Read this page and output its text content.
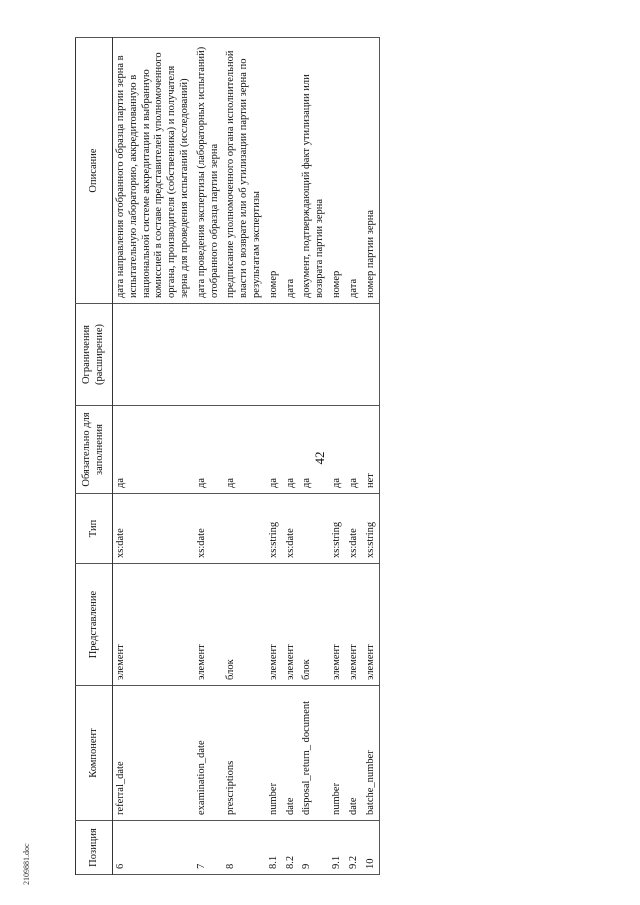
42
2109881.doc	Позиция	Компонент	Представление	Тип	Обязательно для заполнения	Ограничения (расширение)	Описание
6	referral_date	элемент	xs:date	да		дата направления отобранного образца партии зерна в испытательную лабораторию, аккредитованную в национальной системе аккредитации и выбранную комиссией в составе представителей уполномоченного органа, производителя (собственника) и получателя зерна для проведения испытаний (исследований)
7	examination_date	элемент	xs:date	да		дата проведения экспертизы (лабораторных испытаний) отобранного образца партии зерна
8	prescriptions	блок		да		предписание уполномоченного органа исполнительной власти о возврате или об утилизации партии зерна по результатам экспертизы
8.1	number	элемент	xs:string	да		номер
8.2	date	элемент	xs:date	да		дата
9	disposal_return_ document	блок		да		документ, подтверждающий факт утилизации или возврата партии зерна
9.1	number	элемент	xs:string	да		номер
9.2	date	элемент	xs:date	да		дата
10	batche_number	элемент	xs:string	нет		номер партии зерна
